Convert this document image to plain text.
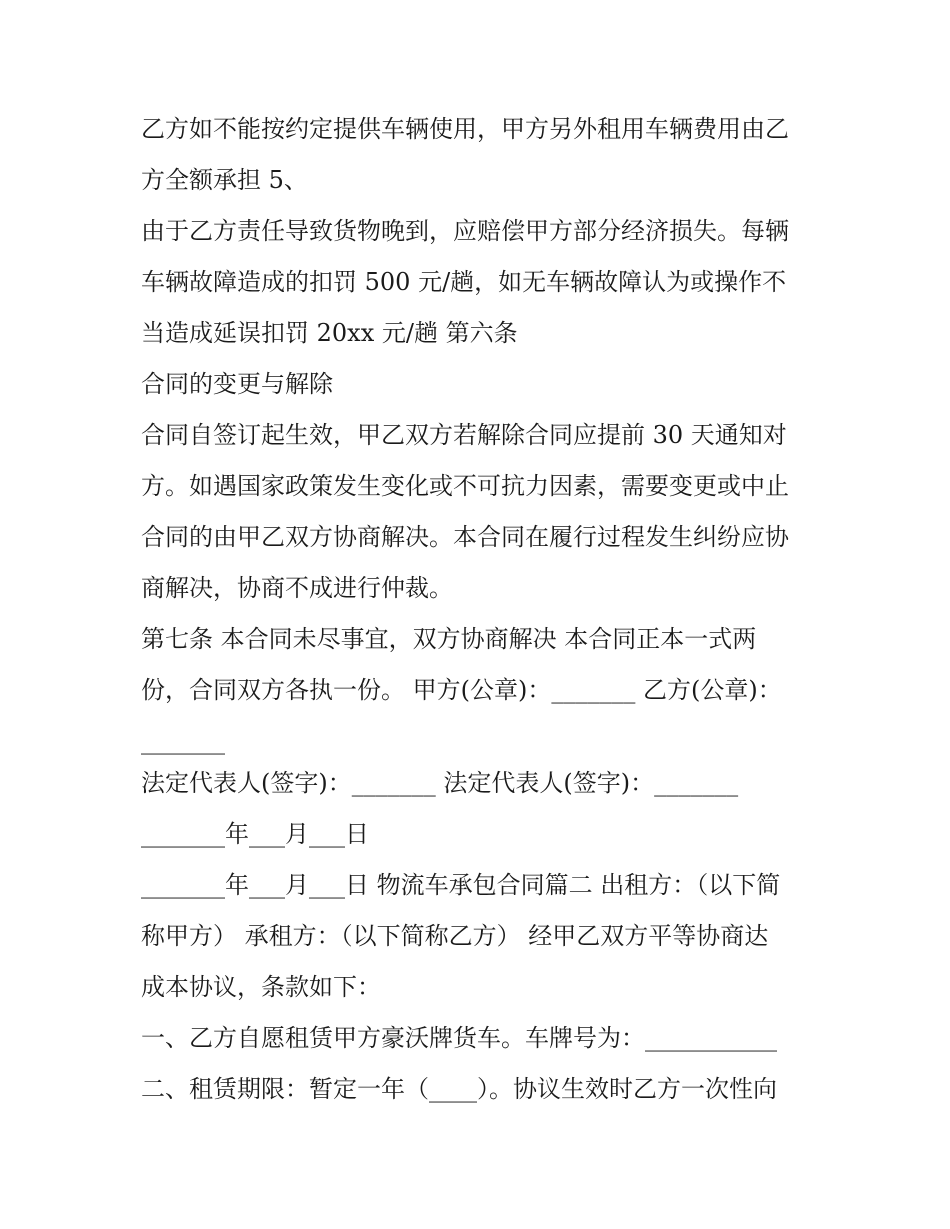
乙方如不能按约定提供车辆使用，甲方另外租用车辆费用由乙
方全额承担 5、
由于乙方责任导致货物晚到，应赔偿甲方部分经济损失。每辆
车辆故障造成的扣罚 500 元/趟，如无车辆故障认为或操作不
当造成延误扣罚 20xx 元/趟 第六条
合同的变更与解除
合同自签订起生效，甲乙双方若解除合同应提前 30 天通知对
方。如遇国家政策发生变化或不可抗力因素，需要变更或中止
合同的由甲乙双方协商解决。本合同在履行过程发生纠纷应协
商解决，协商不成进行仲裁。
第七条 本合同未尽事宜，双方协商解决 本合同正本一式两
份，合同双方各执一份。 甲方(公章)：_______ 乙方(公章)：
_______
法定代表人(签字)：_______ 法定代表人(签字)：_______
_______年___月___日
_______年___月___日 物流车承包合同篇二 出租方：（以下简
称甲方） 承租方：（以下简称乙方） 经甲乙双方平等协商达
成本协议，条款如下：
一、乙方自愿租赁甲方豪沃牌货车。车牌号为：___________
二、租赁期限：暂定一年（____）。协议生效时乙方一次性向
